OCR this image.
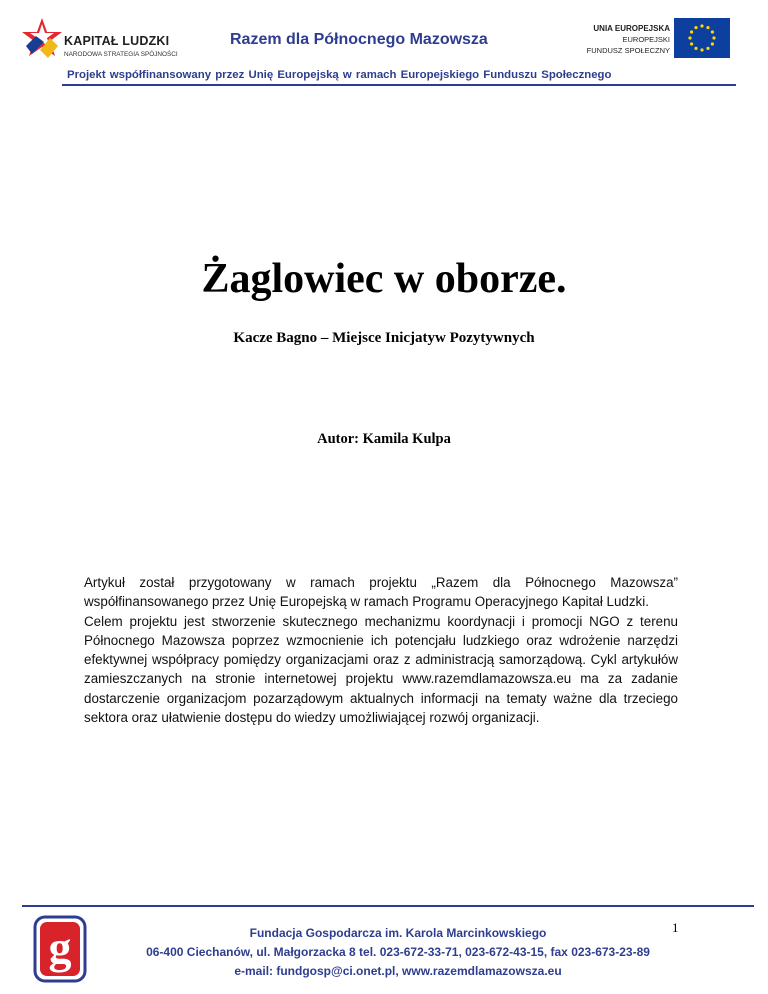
KAPITAŁ LUDZKI
NARODOWA STRATEGIA SPÓJNOŚCI
Razem dla Północnego Mazowsza
UNIA EUROPEJSKA
EUROPEJSKI
FUNDUSZ SPOŁECZNY
Projekt współfinansowany przez Unię Europejską w ramach Europejskiego Funduszu Społecznego
Żaglowiec w oborze.
Kacze Bagno – Miejsce Inicjatyw Pozytywnych
Autor: Kamila Kulpa

Artykuł został przygotowany w ramach projektu „Razem dla Północnego Mazowsza” współfinansowanego przez Unię Europejską w ramach Programu Operacyjnego Kapitał Ludzki.

Celem projektu jest stworzenie skutecznego mechanizmu koordynacji i promocji NGO z terenu Północnego Mazowsza poprzez wzmocnienie ich potencjału ludzkiego oraz wdrożenie narzędzi efektywnej współpracy pomiędzy organizacjami oraz z administracją samorządową. Cykl artykułów zamieszczanych na stronie internetowej projektu www.razemdlamazowsza.eu ma za zadanie dostarczenie organizacjom pozarządowym aktualnych informacji na tematy ważne dla trzeciego sektora oraz ułatwienie dostępu do wiedzy umożliwiającej rozwój organizacji.

g	1
Fundacja Gospodarcza im. Karola Marcinkowskiego
06-400 Ciechanów, ul. Małgorzacka 8 tel. 023-672-33-71, 023-672-43-15, fax 023-673-23-89
e-mail: fundgosp@ci.onet.pl, www.razemdlamazowsza.eu
